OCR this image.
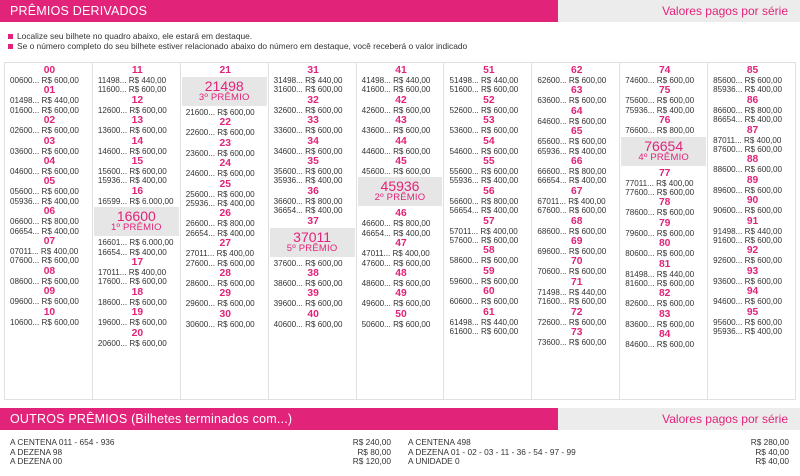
PRÊMIOS DERIVADOS	Valores pagos por série
Localize seu bilhete no quadro abaixo, ele estará em destaque.
Se o número completo do seu bilhete estiver relacionado abaixo do número em destaque, você receberá o valor indicado
00
00600... R$ 600,00
01
01498... R$ 440,00
01600... R$ 600,00
02
02600... R$ 600,00
03
03600... R$ 600,00
04
04600... R$ 600,00
05
05600... R$ 600,00
05936... R$ 400,00
06
06600... R$ 800,00
06654... R$ 400,00
07
07011... R$ 400,00
07600... R$ 600,00
08
08600... R$ 600,00
09
09600... R$ 600,00
10
10600... R$ 600,00
11
11498... R$ 440,00
11600... R$ 600,00
12
12600... R$ 600,00
13
13600... R$ 600,00
14
14600... R$ 600,00
15
15600... R$ 600,00
15936... R$ 400,00
16
16599... R$ 6.000,00
16600
1º PRÊMIO
16601... R$ 6.000,00
16654... R$ 400,00
17
17011... R$ 400,00
17600... R$ 600,00
18
18600... R$ 600,00
19
19600... R$ 600,00
20
20600... R$ 600,00
21
21498
3º PRÊMIO
21600... R$ 600,00
22
22600... R$ 600,00
23
23600... R$ 600,00
24
24600... R$ 600,00
25
25600... R$ 600,00
25936... R$ 400,00
26
26600... R$ 800,00
26654... R$ 400,00
27
27011... R$ 400,00
27600... R$ 600,00
28
28600... R$ 600,00
29
29600... R$ 600,00
30
30600... R$ 600,00
31
31498... R$ 440,00
31600... R$ 600,00
32
32600... R$ 600,00
33
33600... R$ 600,00
34
34600... R$ 600,00
35
35600... R$ 600,00
35936... R$ 400,00
36
36600... R$ 800,00
36654... R$ 400,00
37
37011
5º PRÊMIO
37600... R$ 600,00
38
38600... R$ 600,00
39
39600... R$ 600,00
40
40600... R$ 600,00
41
41498... R$ 440,00
41600... R$ 600,00
42
42600... R$ 600,00
43
43600... R$ 600,00
44
44600... R$ 600,00
45
45600... R$ 600,00
45936
2º PRÊMIO
46
46600... R$ 800,00
46654... R$ 400,00
47
47011... R$ 400,00
47600... R$ 600,00
48
48600... R$ 600,00
49
49600... R$ 600,00
50
50600... R$ 600,00
51
51498... R$ 440,00
51600... R$ 600,00
52
52600... R$ 600,00
53
53600... R$ 600,00
54
54600... R$ 600,00
55
55600... R$ 600,00
55936... R$ 400,00
56
56600... R$ 800,00
56654... R$ 400,00
57
57011... R$ 400,00
57600... R$ 600,00
58
58600... R$ 600,00
59
59600... R$ 600,00
60
60600... R$ 600,00
61
61498... R$ 440,00
61600... R$ 600,00
62
62600... R$ 600,00
63
63600... R$ 600,00
64
64600... R$ 600,00
65
65600... R$ 600,00
65936... R$ 400,00
66
66600... R$ 800,00
66654... R$ 400,00
67
67011... R$ 400,00
67600... R$ 600,00
68
68600... R$ 600,00
69
69600... R$ 600,00
70
70600... R$ 600,00
71
71498... R$ 440,00
71600... R$ 600,00
72
72600... R$ 600,00
73
73600... R$ 600,00
74
74600... R$ 600,00
75
75600... R$ 600,00
75936... R$ 400,00
76
76600... R$ 800,00
76654
4º PRÊMIO
77
77011... R$ 400,00
77600... R$ 600,00
78
78600... R$ 600,00
79
79600... R$ 600,00
80
80600... R$ 600,00
81
81498... R$ 440,00
81600... R$ 600,00
82
82600... R$ 600,00
83
83600... R$ 600,00
84
84600... R$ 600,00
85
85600... R$ 600,00
85936... R$ 400,00
86
86600... R$ 800,00
86654... R$ 400,00
87
87011... R$ 400,00
87600... R$ 600,00
88
88600... R$ 600,00
89
89600... R$ 600,00
90
90600... R$ 600,00
91
91498... R$ 440,00
91600... R$ 600,00
92
92600... R$ 600,00
93
93600... R$ 600,00
94
94600... R$ 600,00
95
95600... R$ 600,00
95936... R$ 400,00
OUTROS PRÊMIOS (Bilhetes terminados com...)	Valores pagos por série
A CENTENA 011 - 654 - 936	R$ 240,00
A DEZENA 98	R$ 80,00
A DEZENA 00	R$ 120,00
A CENTENA 498	R$ 280,00
A DEZENA 01 - 02 - 03 - 11 - 36 - 54 - 97 - 99	R$ 40,00
A UNIDADE 0	R$ 40,00
